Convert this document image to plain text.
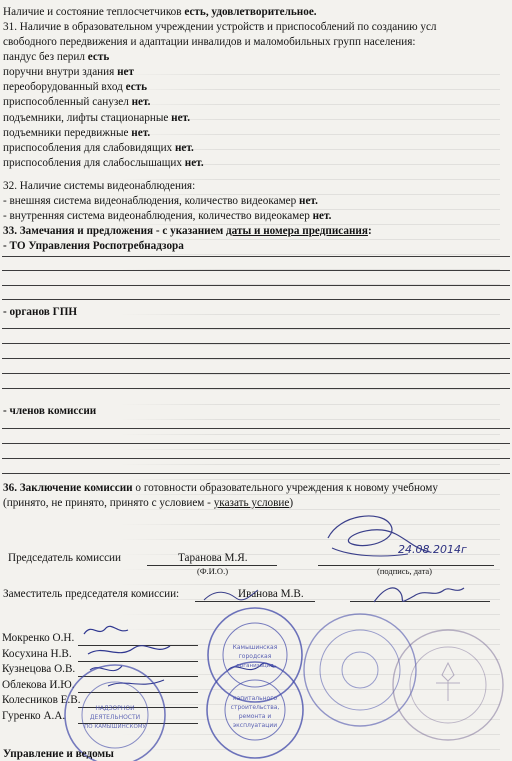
Наличие и состояние теплосчетчиков есть, удовлетворительное.
31. Наличие в образовательном учреждении устройств и приспособлений по созданию усл
свободного передвижения и адаптации инвалидов и маломобильных групп населения:
пандус без перил есть
поручни внутри здания нет
переоборудованный вход есть
приспособленный санузел нет.
подъемники, лифты стационарные нет.
подъемники передвижные нет.
приспособления для слабовидящих нет.
приспособления для слабослышащих нет.
32. Наличие системы видеонаблюдения:
- внешняя система видеонаблюдения, количество видеокамер нет.
- внутренняя система видеонаблюдения, количество видеокамер нет.
33. Замечания и предложения - с указанием даты и номера предписания:
- ТО Управления Роспотребнадзора
- органов ГПН
- членов комиссии
36. Заключение комиссии о готовности образовательного учреждения к новому учебному
(принято, не принято, принято с условием - указать условие)
Председатель комиссии	Таранова М.Я.
(Ф.И.О.)	(подпись, дата)
24.08.2014г
Заместитель председателя комиссии:	Иванова М.В.
Мокренко О.Н.
Косухина Н.В.
Кузнецова О.В.
Облекова И.Ю.
Колесников Е.В.
Гуренко А.А.
Камышинская
городская
организация
капитального
строительства,
ремонта и
эксплуатации
НАДЗОРНОЙ
ДЕЯТЕЛЬНОСТИ
ПО КАМЫШИНСКОМУ
Управление и ведомы
